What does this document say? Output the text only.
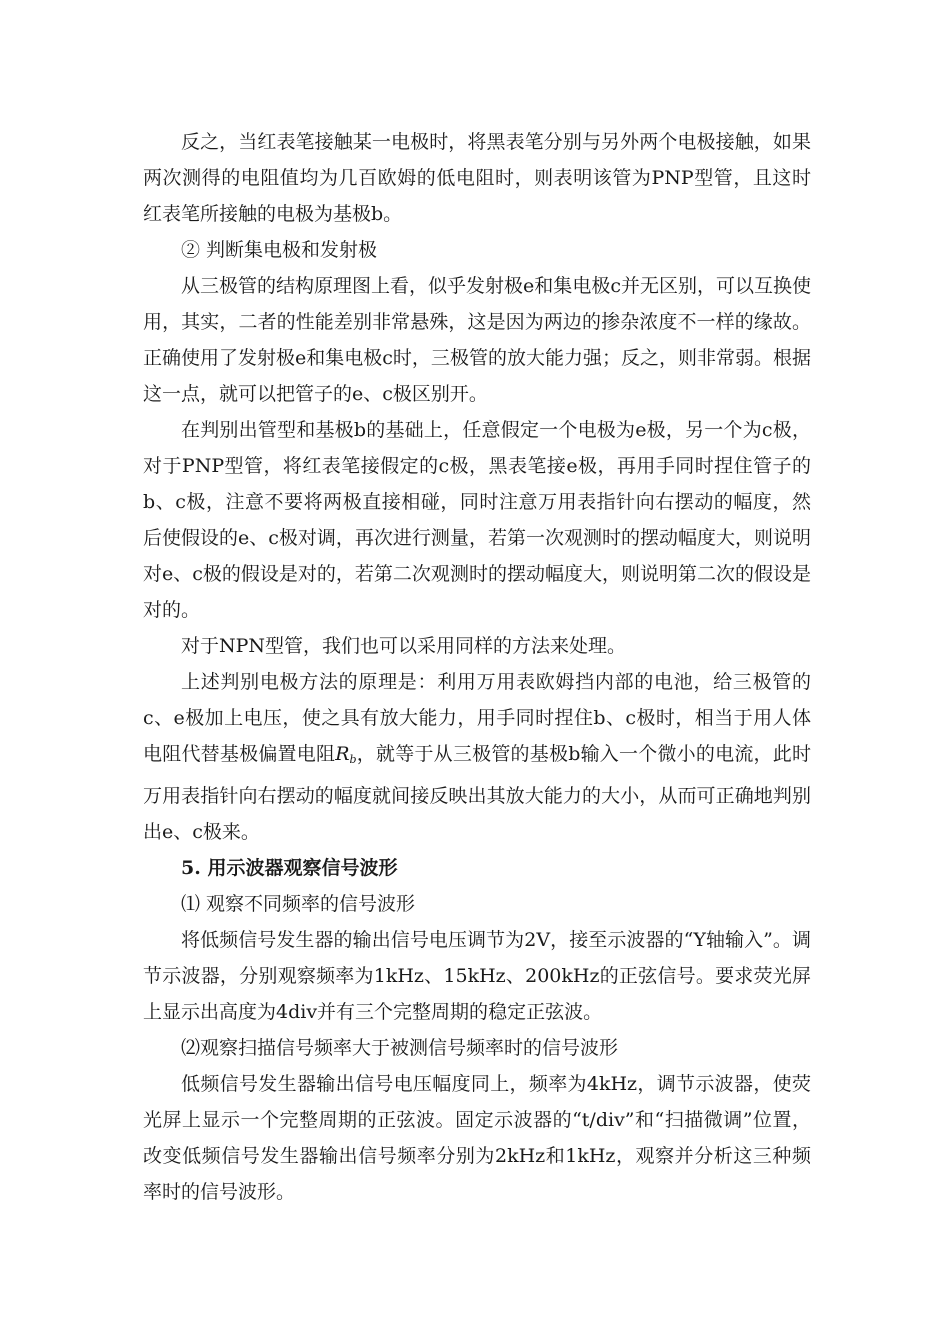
反之，当红表笔接触某一电极时，将黑表笔分别与另外两个电极接触，如果两次测得的电阻值均为几百欧姆的低电阻时，则表明该管为PNP型管，且这时红表笔所接触的电极为基极b。

② 判断集电极和发射极

从三极管的结构原理图上看，似乎发射极e和集电极c并无区别，可以互换使用，其实，二者的性能差别非常悬殊，这是因为两边的掺杂浓度不一样的缘故。正确使用了发射极e和集电极c时，三极管的放大能力强；反之，则非常弱。根据这一点，就可以把管子的e、c极区别开。

在判别出管型和基极b的基础上，任意假定一个电极为e极，另一个为c极，对于PNP型管，将红表笔接假定的c极，黑表笔接e极，再用手同时捏住管子的b、c极，注意不要将两极直接相碰，同时注意万用表指针向右摆动的幅度，然后使假设的e、c极对调，再次进行测量，若第一次观测时的摆动幅度大，则说明对e、c极的假设是对的，若第二次观测时的摆动幅度大，则说明第二次的假设是对的。

对于NPN型管，我们也可以采用同样的方法来处理。

上述判别电极方法的原理是：利用万用表欧姆挡内部的电池，给三极管的c、e极加上电压，使之具有放大能力，用手同时捏住b、c极时，相当于用人体电阻代替基极偏置电阻$R_b$，就等于从三极管的基极b输入一个微小的电流，此时万用表指针向右摆动的幅度就间接反映出其放大能力的大小，从而可正确地判别出e、c极来。

5. 用示波器观察信号波形

⑴ 观察不同频率的信号波形

将低频信号发生器的输出信号电压调节为2V，接至示波器的“Y轴输入”。调节示波器，分别观察频率为1kHz、15kHz、200kHz的正弦信号。要求荧光屏上显示出高度为4div并有三个完整周期的稳定正弦波。

⑵观察扫描信号频率大于被测信号频率时的信号波形

低频信号发生器输出信号电压幅度同上，频率为4kHz，调节示波器，使荧光屏上显示一个完整周期的正弦波。固定示波器的“t/div”和“扫描微调”位置，改变低频信号发生器输出信号频率分别为2kHz和1kHz，观察并分析这三种频率时的信号波形。
